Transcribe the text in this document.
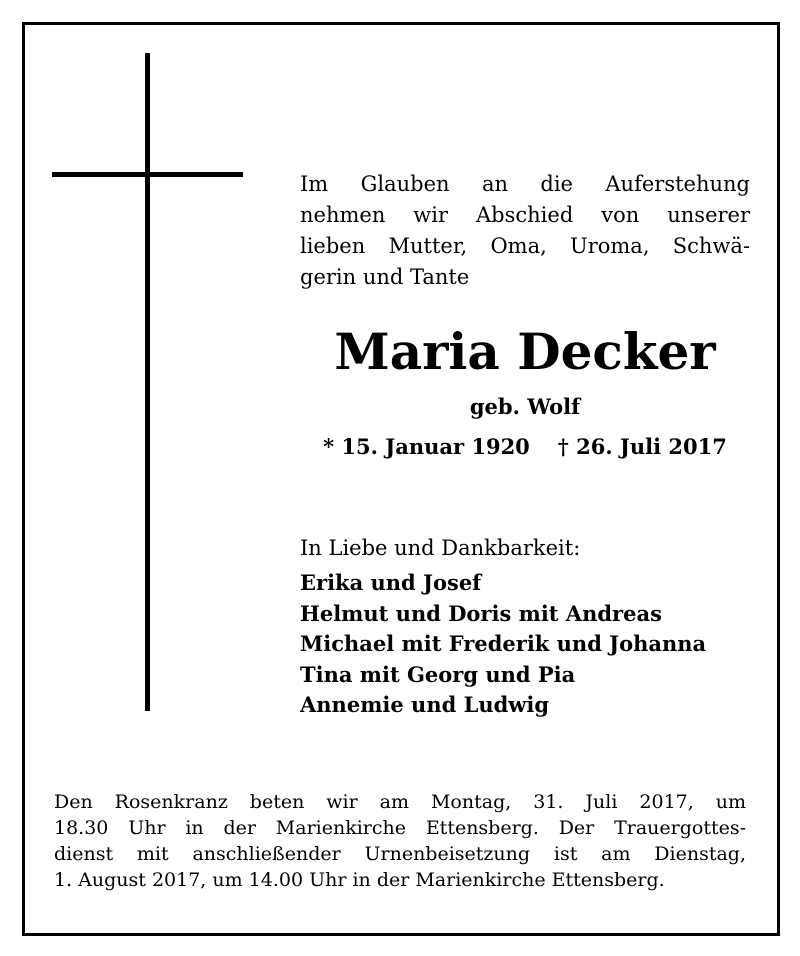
Im Glauben an die Auferstehung
nehmen wir Abschied von unserer
lieben Mutter, Oma, Uroma, Schwä-
gerin und Tante

Maria Decker
geb. Wolf
* 15. Januar 1920 † 26. Juli 2017
In Liebe und Dankbarkeit:
Erika und Josef
Helmut und Doris mit Andreas
Michael mit Frederik und Johanna
Tina mit Georg und Pia
Annemie und Ludwig

Den Rosenkranz beten wir am Montag, 31. Juli 2017, um
18.30 Uhr in der Marienkirche Ettensberg. Der Trauergottes-
dienst mit anschließender Urnenbeisetzung ist am Dienstag,
1. August 2017, um 14.00 Uhr in der Marienkirche Ettensberg.
